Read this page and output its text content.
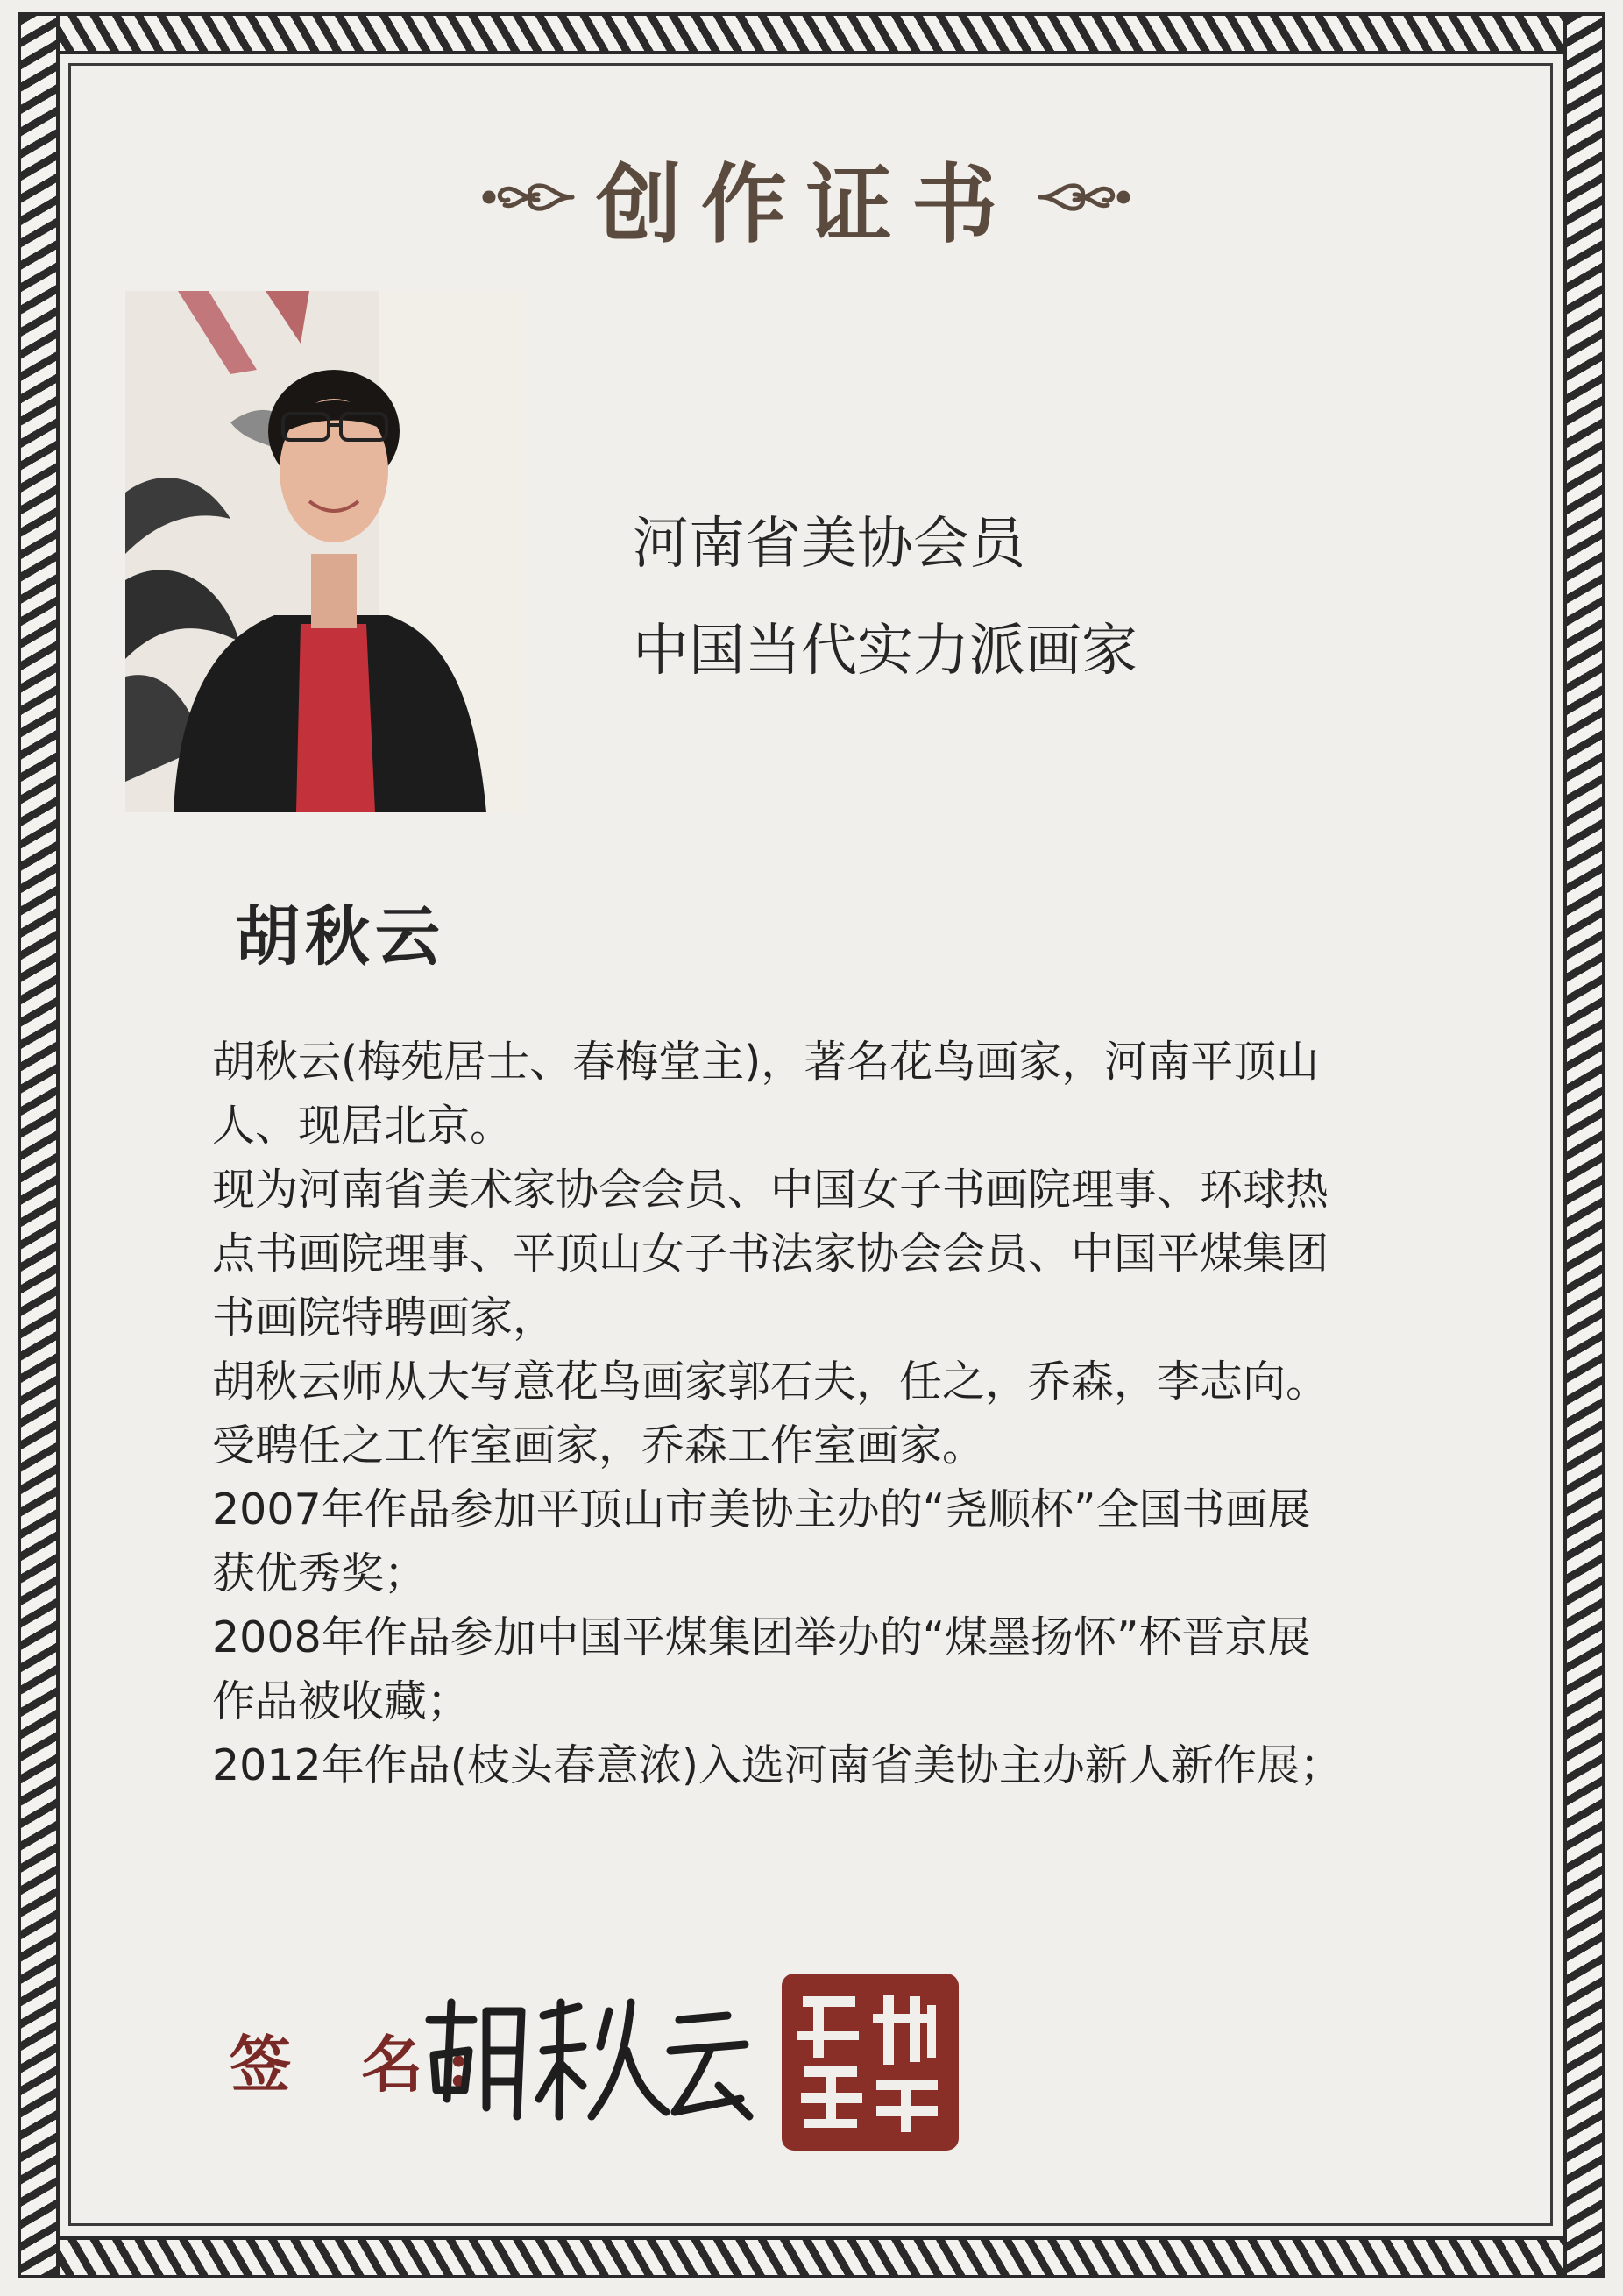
创作证书
河南省美协会员
中国当代实力派画家
胡秋云
胡秋云(梅苑居士、春梅堂主)，著名花鸟画家，河南平顶山
人、现居北京。
现为河南省美术家协会会员、中国女子书画院理事、环球热
点书画院理事、平顶山女子书法家协会会员、中国平煤集团
书画院特聘画家，
胡秋云师从大写意花鸟画家郭石夫，任之，乔森，李志向。
受聘任之工作室画家，乔森工作室画家。
2007年作品参加平顶山市美协主办的“尧顺杯”全国书画展
获优秀奖；
2008年作品参加中国平煤集团举办的“煤墨扬怀”杯晋京展
作品被收藏；
2012年作品(枝头春意浓)入选河南省美协主办新人新作展；
签 名:
